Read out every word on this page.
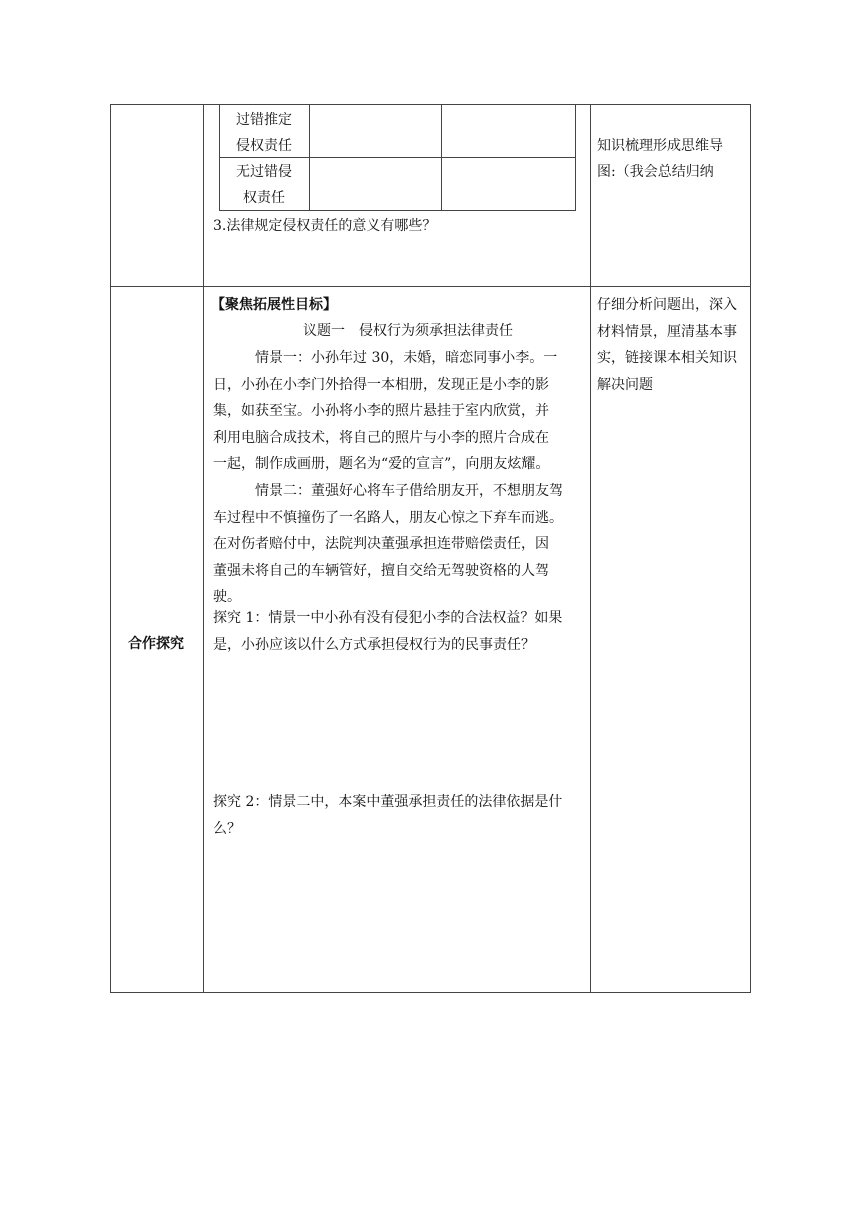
过错推定
侵权责任
无过错侵
权责任
3.法律规定侵权责任的意义有哪些？
知识梳理形成思维导
图:（我会总结归纳
合作探究
【聚焦拓展性目标】
议题一　侵权行为须承担法律责任

情景一：小孙年过 30，未婚，暗恋同事小李。一

日，小孙在小李门外拾得一本相册，发现正是小李的影

集，如获至宝。小孙将小李的照片悬挂于室内欣赏，并

利用电脑合成技术，将自己的照片与小李的照片合成在

一起，制作成画册，题名为“爱的宣言”，向朋友炫耀。

情景二：董强好心将车子借给朋友开，不想朋友驾

车过程中不慎撞伤了一名路人，朋友心惊之下弃车而逃。

在对伤者赔付中，法院判决董强承担连带赔偿责任，因

董强未将自己的车辆管好，擅自交给无驾驶资格的人驾

驶。

探究 1：情景一中小孙有没有侵犯小李的合法权益？如果

是，小孙应该以什么方式承担侵权行为的民事责任？

探究 2：情景二中，本案中董强承担责任的法律依据是什

么？

仔细分析问题出，深入

材料情景，厘清基本事

实，链接课本相关知识

解决问题
